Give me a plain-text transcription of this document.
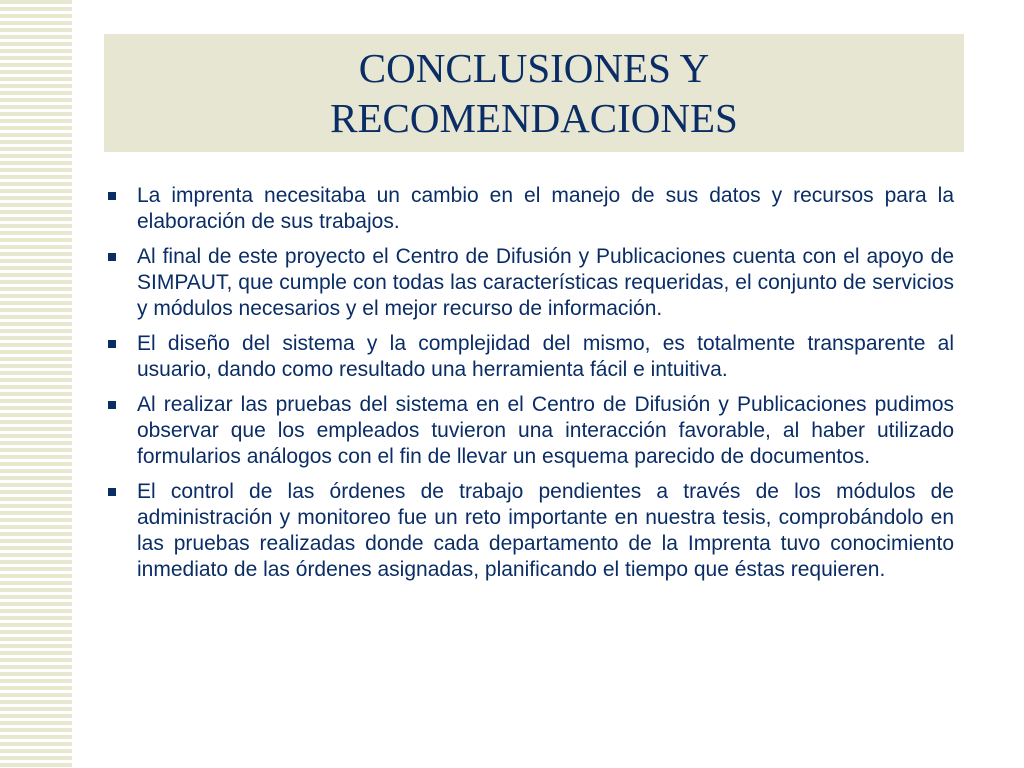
CONCLUSIONES Y
RECOMENDACIONES
La imprenta necesitaba un cambio en el manejo de sus datos y recursos para la elaboración de sus trabajos.
Al final de este proyecto el Centro de Difusión y Publicaciones cuenta con el apoyo de SIMPAUT, que cumple con todas las características requeridas, el conjunto de servicios y módulos necesarios y el mejor recurso de información.
El diseño del sistema y la complejidad del mismo, es totalmente transparente al usuario, dando como resultado una herramienta fácil e intuitiva.
Al realizar las pruebas del sistema en el Centro de Difusión y Publicaciones pudimos observar que los empleados tuvieron una interacción favorable, al haber utilizado formularios análogos con el fin de llevar un esquema parecido de documentos.
El control de las órdenes de trabajo pendientes a través de los módulos de administración y monitoreo fue un reto importante en nuestra tesis, comprobándolo en las pruebas realizadas donde cada departamento de la Imprenta tuvo conocimiento inmediato de las órdenes asignadas, planificando el tiempo que éstas requieren.
